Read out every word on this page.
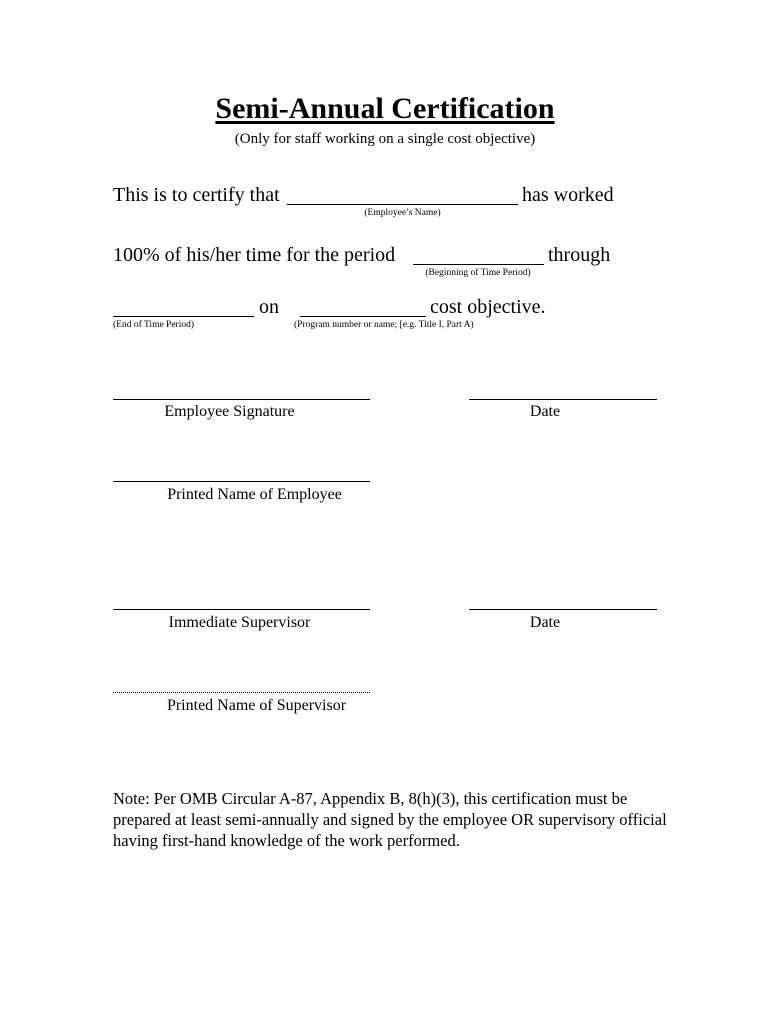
Semi-Annual Certification
(Only for staff working on a single cost objective)
This is to certify that	has worked
(Employee’s Name)
100% of his/her time for the period	through
(Beginning of Time Period)
on	cost objective.
(End of Time Period)	(Program number or name; [e.g. Title I, Part A)
Employee Signature	Date
Printed Name of Employee
Immediate Supervisor	Date
Printed Name of Supervisor
Note: Per OMB Circular A-87, Appendix B, 8(h)(3), this certification must be prepared at least semi-annually and signed by the employee OR supervisory official having first-hand knowledge of the work performed.
